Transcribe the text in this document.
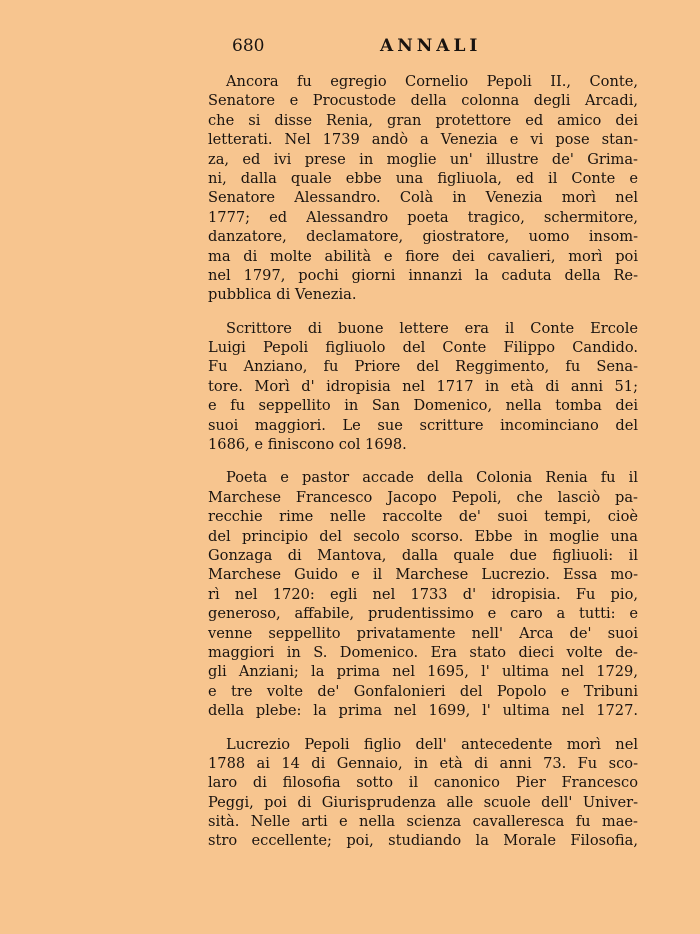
680	ANNALI
Ancora fu egregio Cornelio Pepoli II., Conte,
Senatore e Procustode della colonna degli Arcadi,
che si disse Renia, gran protettore ed amico dei
letterati. Nel 1739 andò a Venezia e vi pose stan-
za, ed ivi prese in moglie un' illustre de' Grima-
ni, dalla quale ebbe una figliuola, ed il Conte e
Senatore Alessandro. Colà in Venezia morì nel
1777; ed Alessandro poeta tragico, schermitore,
danzatore, declamatore, giostratore, uomo insom-
ma di molte abilità e fiore dei cavalieri, morì poi
nel 1797, pochi giorni innanzi la caduta della Re-
pubblica di Venezia.
Scrittore di buone lettere era il Conte Ercole
Luigi Pepoli figliuolo del Conte Filippo Candido.
Fu Anziano, fu Priore del Reggimento, fu Sena-
tore. Morì d' idropisia nel 1717 in età di anni 51;
e fu seppellito in San Domenico, nella tomba dei
suoi maggiori. Le sue scritture incominciano del
1686, e finiscono col 1698.
Poeta e pastor accade della Colonia Renia fu il
Marchese Francesco Jacopo Pepoli, che lasciò pa-
recchie rime nelle raccolte de' suoi tempi, cioè
del principio del secolo scorso. Ebbe in moglie una
Gonzaga di Mantova, dalla quale due figliuoli: il
Marchese Guido e il Marchese Lucrezio. Essa mo-
rì nel 1720: egli nel 1733 d' idropisia. Fu pio,
generoso, affabile, prudentissimo e caro a tutti: e
venne seppellito privatamente nell' Arca de' suoi
maggiori in S. Domenico. Era stato dieci volte de-
gli Anziani; la prima nel 1695, l' ultima nel 1729,
e tre volte de' Gonfalonieri del Popolo e Tribuni
della plebe: la prima nel 1699, l' ultima nel 1727.
Lucrezio Pepoli figlio dell' antecedente morì nel
1788 ai 14 di Gennaio, in età di anni 73. Fu sco-
laro di filosofia sotto il canonico Pier Francesco
Peggi, poi di Giurisprudenza alle scuole dell' Univer-
sità. Nelle arti e nella scienza cavalleresca fu mae-
stro eccellente; poi, studiando la Morale Filosofia,
